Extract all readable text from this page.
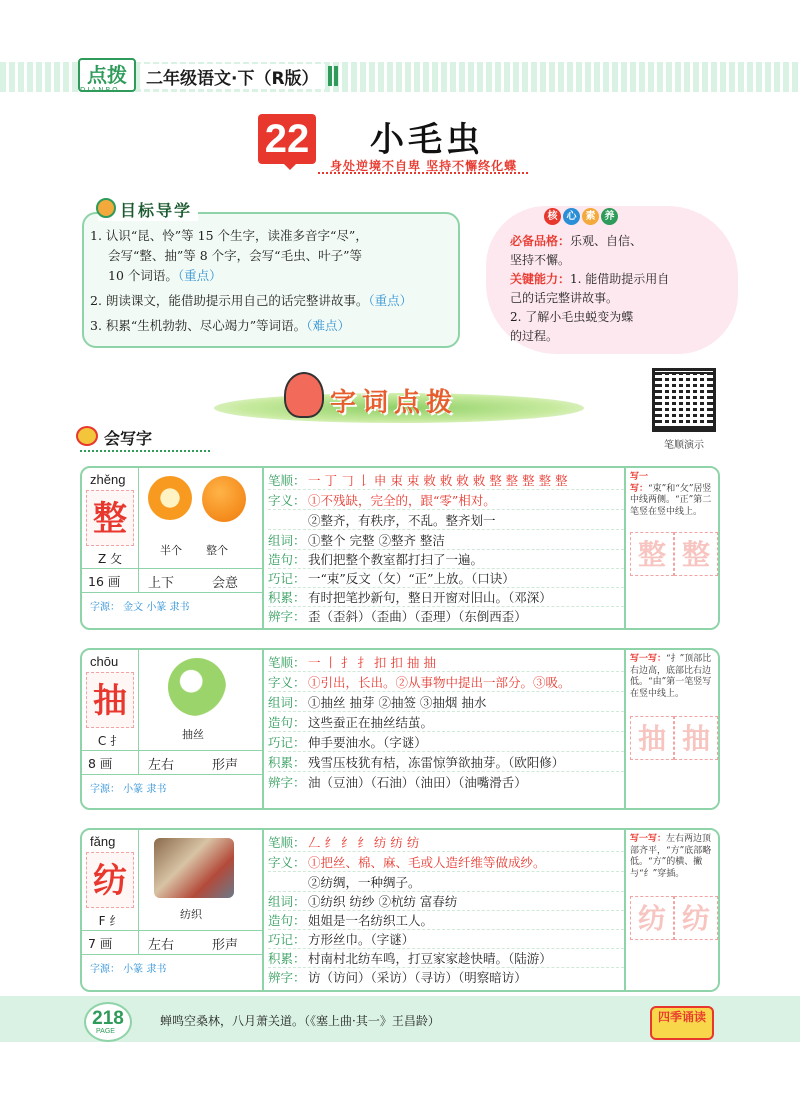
点拨
DIANBO
二年级语文·下（R版）
22 小毛虫
身处逆境不自卑 坚持不懈终化蝶
目标导学
1. 认识“昆、怜”等 15 个生字，读准多音字“尽”，
会写“整、抽”等 8 个字，会写“毛虫、叶子”等
10 个词语。（重点）
2. 朗读课文，能借助提示用自己的话完整讲故事。（重点）
3. 积累“生机勃勃、尽心竭力”等词语。（难点）
核 心 素 养
必备品格：乐观、自信、
坚持不懈。
关键能力：1. 能借助提示用自
己的话完整讲故事。
2. 了解小毛虫蜕变为蝶
的过程。
字词点拨
笔顺演示
会写字
zhěng
整
Z 攵
16 画 上下	会意
字源： 金文 小篆 隶书
半个 整个
笔顺： 一 丁 𠃌 𠄌 申 束 束 敕 敕 敕 敕 整 整 整 整 整
字义： ①不残缺，完全的，跟“零”相对。
②整齐，有秩序，不乱。整齐划一
组词： ①整个 完整 ②整齐 整洁
造句： 我们把整个教室都打扫了一遍。
巧记： 一“束”反文（攵）“正”上放。（口诀）
积累： 有时把笔抄新句，整日开窗对旧山。（邓深）
辨字： 歪（歪斜）（歪曲）（歪理）（东倒西歪）
写一写：“束”和“攵”居竖中线两侧。“正”第二笔竖在竖中线上。
整 整
chōu
抽
C 扌
8 画	左右	形声
字源： 小篆 隶书
抽丝
笔顺： 一 丨 扌 扌 扣 扣 抽 抽
字义： ①引出，长出。②从事物中提出一部分。③吸。
组词： ①抽丝 抽芽 ②抽签 ③抽烟 抽水
造句： 这些蚕正在抽丝结茧。
巧记： 伸手要油水。（字谜）
积累： 残雪压枝犹有桔，冻雷惊笋欲抽芽。（欧阳修）
辨字： 油（豆油）（石油）（油田）（油嘴滑舌）
写一写：“扌”顶部比右边高，底部比右边低。“由”第一笔竖写在竖中线上。
抽 抽
fǎng
纺
F 纟
7 画	左右	形声
字源： 小篆 隶书
纺织
笔顺： 𠃋 纟 纟 纟 纺 纺 纺
字义： ①把丝、棉、麻、毛或人造纤维等做成纱。
②纺绸，一种绸子。
组词： ①纺织 纺纱 ②杭纺 富春纺
造句： 姐姐是一名纺织工人。
巧记： 方形丝巾。（字谜）
积累： 村南村北纺车鸣，打豆家家趁快晴。（陆游）
辨字： 访（访问）（采访）（寻访）（明察暗访）
写一写：左右两边顶部齐平，“方”底部略低。“方”的横、撇与“纟”穿插。
纺 纺
218
PAGE
蝉鸣空桑林，八月萧关道。（《塞上曲·其一》王昌龄）	四季诵读
